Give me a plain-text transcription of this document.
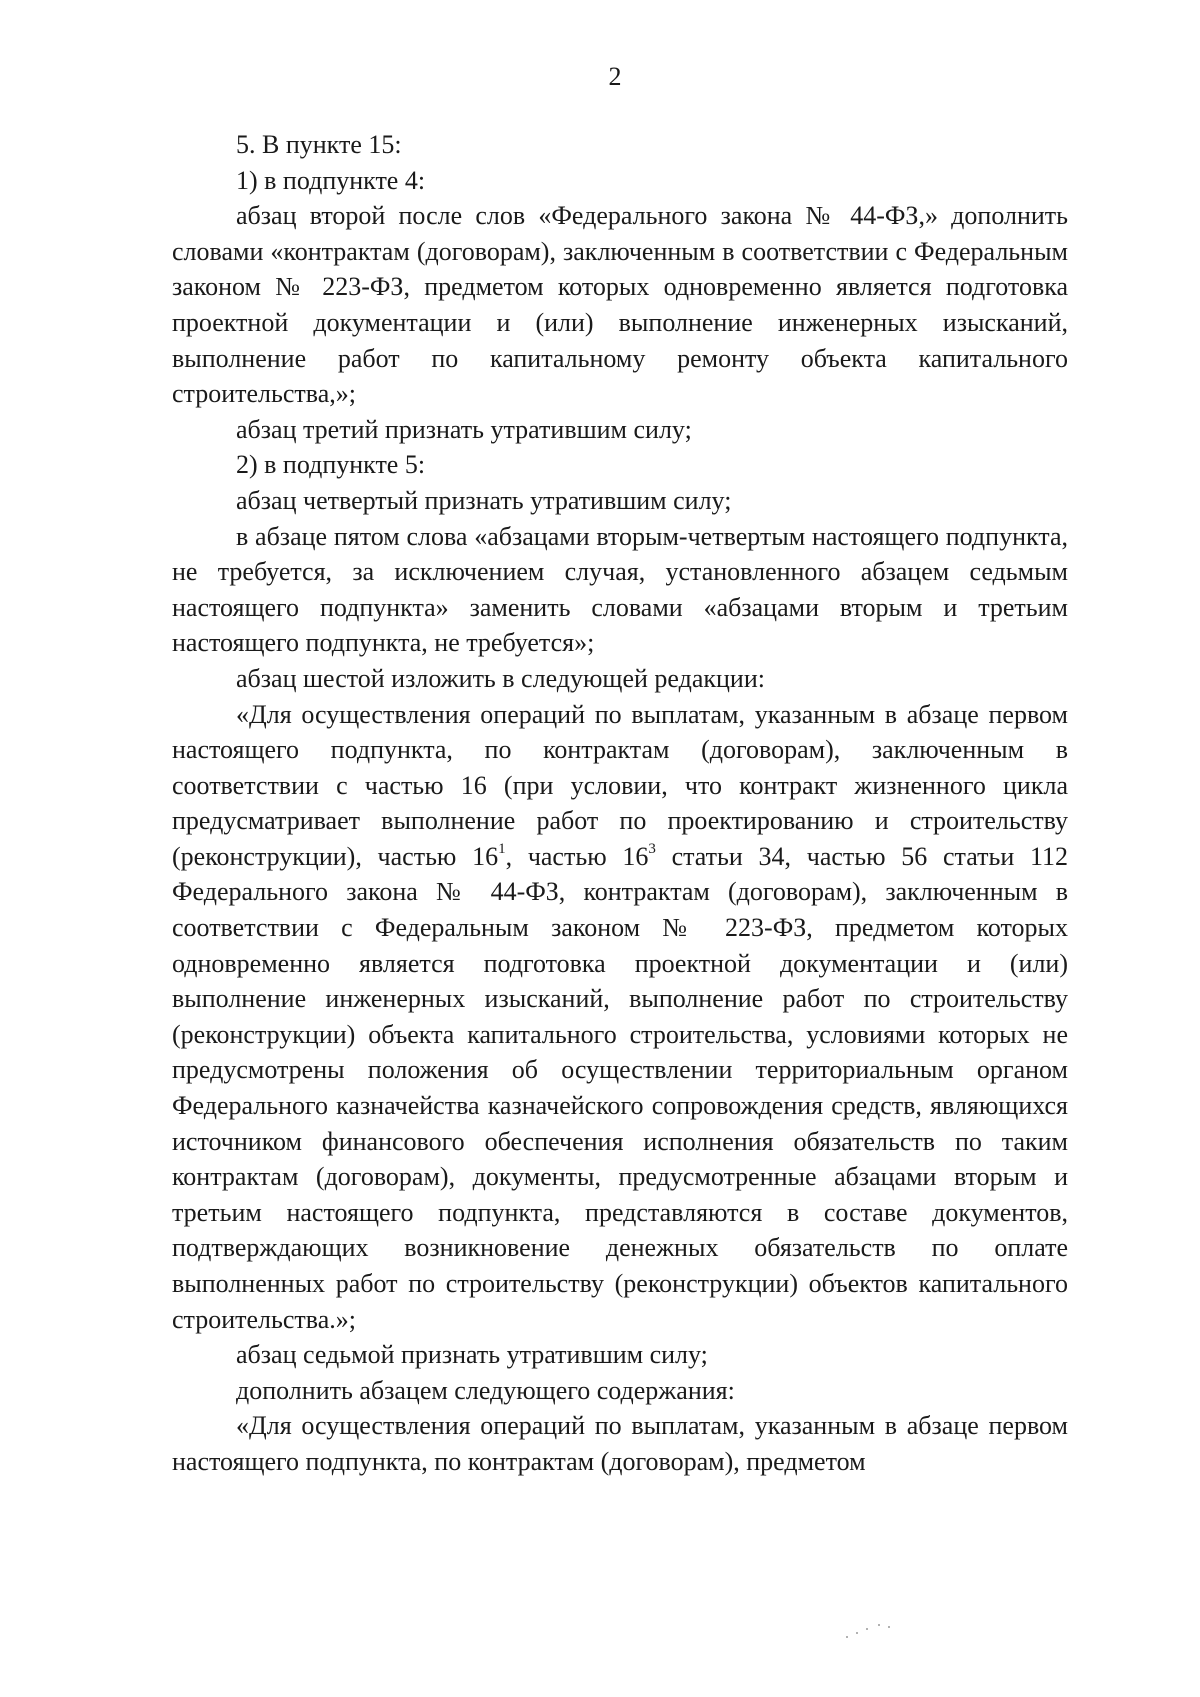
2

5. В пункте 15:

1) в подпункте 4:

абзац второй после слов «Федерального закона № 44-ФЗ,» дополнить словами «контрактам (договорам), заключенным в соответствии с Федеральным законом № 223-ФЗ, предметом которых одновременно является подготовка проектной документации и (или) выполнение инженерных изысканий, выполнение работ по капитальному ремонту объекта капитального строительства,»;

абзац третий признать утратившим силу;

2) в подпункте 5:

абзац четвертый признать утратившим силу;

в абзаце пятом слова «абзацами вторым-четвертым настоящего подпункта, не требуется, за исключением случая, установленного абзацем седьмым настоящего подпункта» заменить словами «абзацами вторым и третьим настоящего подпункта, не требуется»;

абзац шестой изложить в следующей редакции:

«Для осуществления операций по выплатам, указанным в абзаце первом настоящего подпункта, по контрактам (договорам), заключенным в соответствии с частью 16 (при условии, что контракт жизненного цикла предусматривает выполнение работ по проектированию и строительству (реконструкции), частью $16^1$, частью $16^3$ статьи 34, частью 56 статьи 112 Федерального закона № 44-ФЗ, контрактам (договорам), заключенным в соответствии с Федеральным законом № 223-ФЗ, предметом которых одновременно является подготовка проектной документации и (или) выполнение инженерных изысканий, выполнение работ по строительству (реконструкции) объекта капитального строительства, условиями которых не предусмотрены положения об осуществлении территориальным органом Федерального казначейства казначейского сопровождения средств, являющихся источником финансового обеспечения исполнения обязательств по таким контрактам (договорам), документы, предусмотренные абзацами вторым и третьим настоящего подпункта, представляются в составе документов, подтверждающих возникновение денежных обязательств по оплате выполненных работ по строительству (реконструкции) объектов капитального строительства.»;

абзац седьмой признать утратившим силу;

дополнить абзацем следующего содержания:

«Для осуществления операций по выплатам, указанным в абзаце первом настоящего подпункта, по контрактам (договорам), предметом
